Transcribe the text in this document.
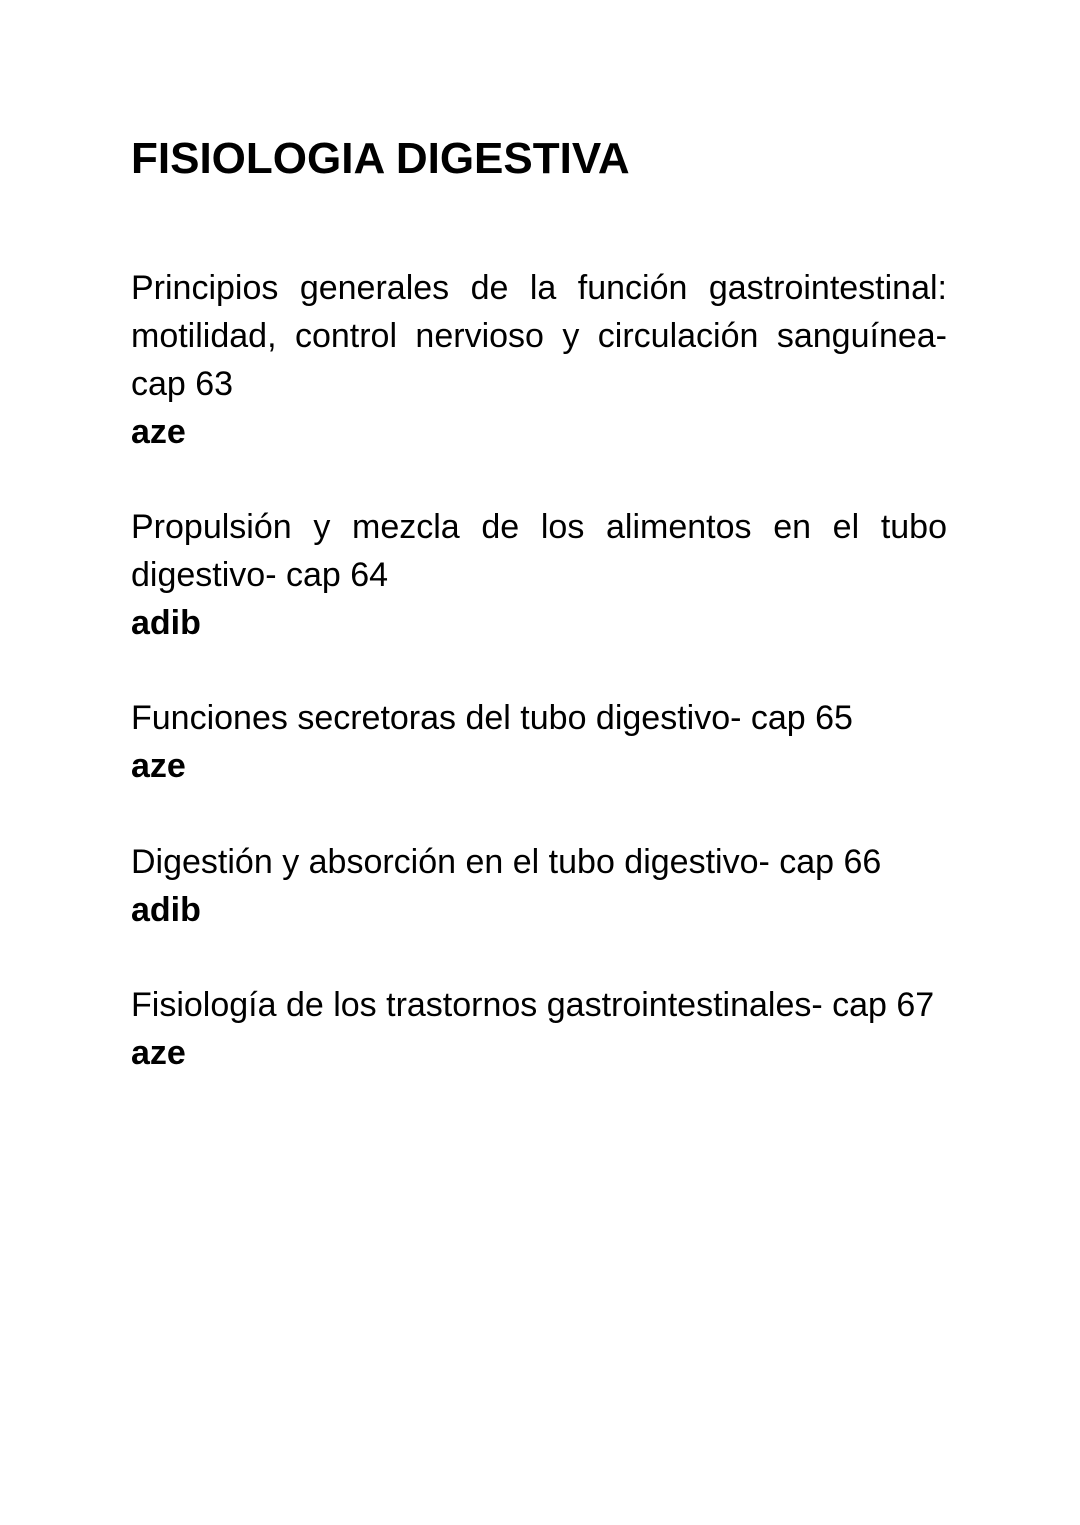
FISIOLOGIA DIGESTIVA

Principios generales de la función gastrointestinal: motilidad, control nervioso y circulación sanguínea- cap 63

aze

Propulsión y mezcla de los alimentos en el tubo digestivo- cap 64

adib

Funciones secretoras del tubo digestivo- cap 65

aze

Digestión y absorción en el tubo digestivo- cap 66

adib

Fisiología de los trastornos gastrointestinales- cap 67

aze
